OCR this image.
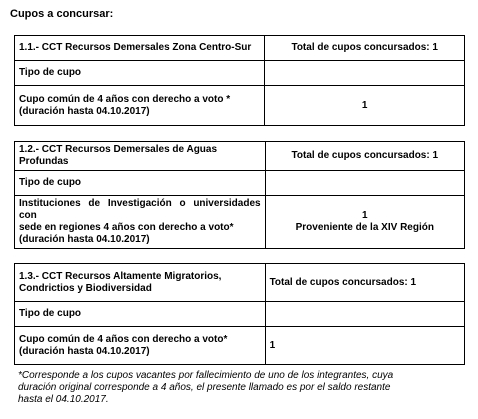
Cupos a concursar:
1.1.- CCT Recursos Demersales Zona Centro-Sur	Total de cupos concursados: 1
Tipo de cupo	

Cupo común de 4 años con derecho a voto *
(duración hasta 04.10.2017)	1
1.2.- CCT Recursos Demersales de Aguas Profundas	Total de cupos concursados: 1
Tipo de cupo	

Instituciones de Investigación o universidades con
sede en regiones 4 años con derecho a voto*
(duración hasta 04.10.2017)	1
Proveniente de la XIV Región
1.3.- CCT Recursos Altamente Migratorios,
Condrictios y Biodiversidad	Total de cupos concursados: 1
Tipo de cupo	

Cupo común de 4 años con derecho a voto*
(duración hasta 04.10.2017)	1
*Corresponde a los cupos vacantes por fallecimiento de uno de los integrantes, cuya
duración original corresponde a 4 años, el presente llamado es por el saldo restante
hasta el 04.10.2017.
